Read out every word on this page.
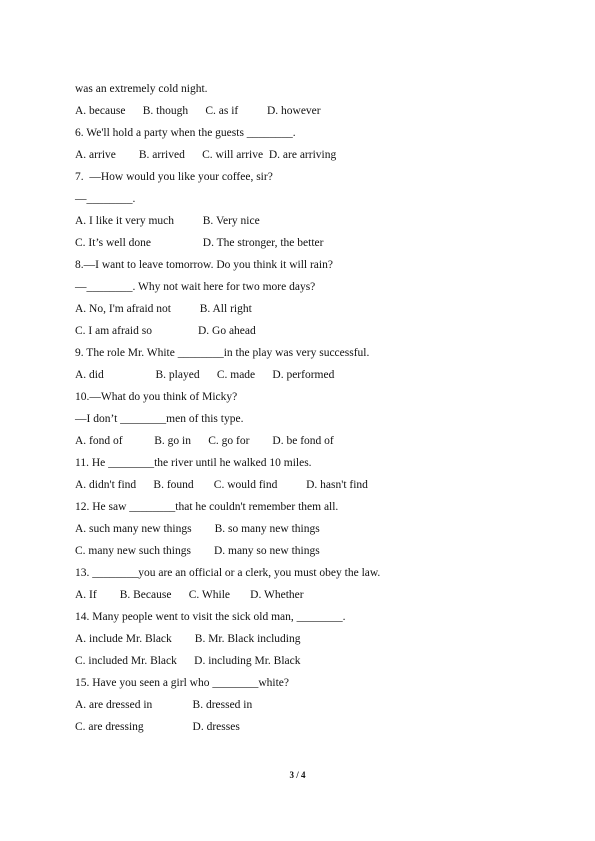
was an extremely cold night.
A. because      B. though      C. as if          D. however
6. We'll hold a party when the guests ________.
A. arrive        B. arrived      C. will arrive  D. are arriving
7.  —How would you like your coffee, sir?
—________.
A. I like it very much          B. Very nice
C. It’s well done                  D. The stronger, the better
8.—I want to leave tomorrow. Do you think it will rain?
—________. Why not wait here for two more days?
A. No, I'm afraid not          B. All right
C. I am afraid so                D. Go ahead
9. The role Mr. White ________in the play was very successful.
A. did                  B. played      C. made      D. performed
10.—What do you think of Micky?
—I don’t ________men of this type.
A. fond of           B. go in      C. go for        D. be fond of
11. He ________the river until he walked 10 miles.
A. didn't find      B. found       C. would find          D. hasn't find
12. He saw ________that he couldn't remember them all.
A. such many new things        B. so many new things
C. many new such things        D. many so new things
13. ________you are an official or a clerk, you must obey the law.
A. If        B. Because      C. While       D. Whether
14. Many people went to visit the sick old man, ________.
A. include Mr. Black        B. Mr. Black including
C. included Mr. Black      D. including Mr. Black
15. Have you seen a girl who ________white?
A. are dressed in              B. dressed in
C. are dressing                 D. dresses
3 / 4
